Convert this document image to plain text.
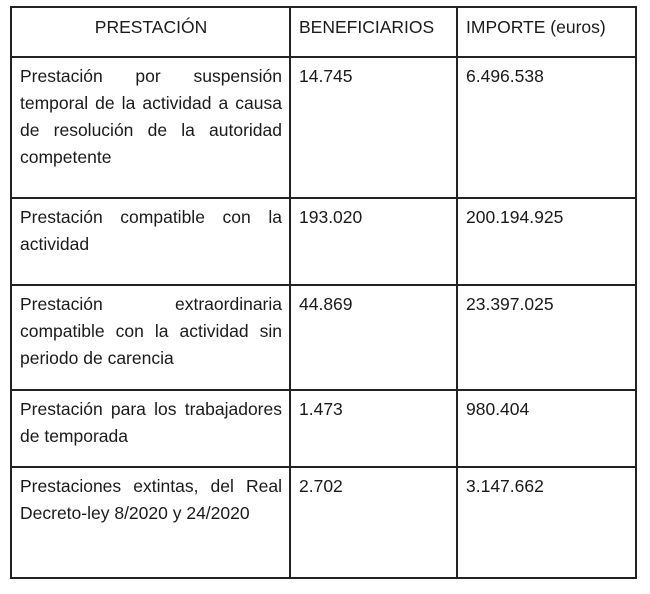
PRESTACIÓN	BENEFICIARIOS	IMPORTE (euros)
Prestación por suspensión temporal de la actividad a causa de resolución de la autoridad competente	14.745	6.496.538
Prestación compatible con la actividad	193.020	200.194.925
Prestación extraordinaria compatible con la actividad sin periodo de carencia	44.869	23.397.025
Prestación para los trabajadores de temporada	1.473	980.404
Prestaciones extintas, del Real Decreto-ley 8/2020 y 24/2020	2.702	3.147.662
